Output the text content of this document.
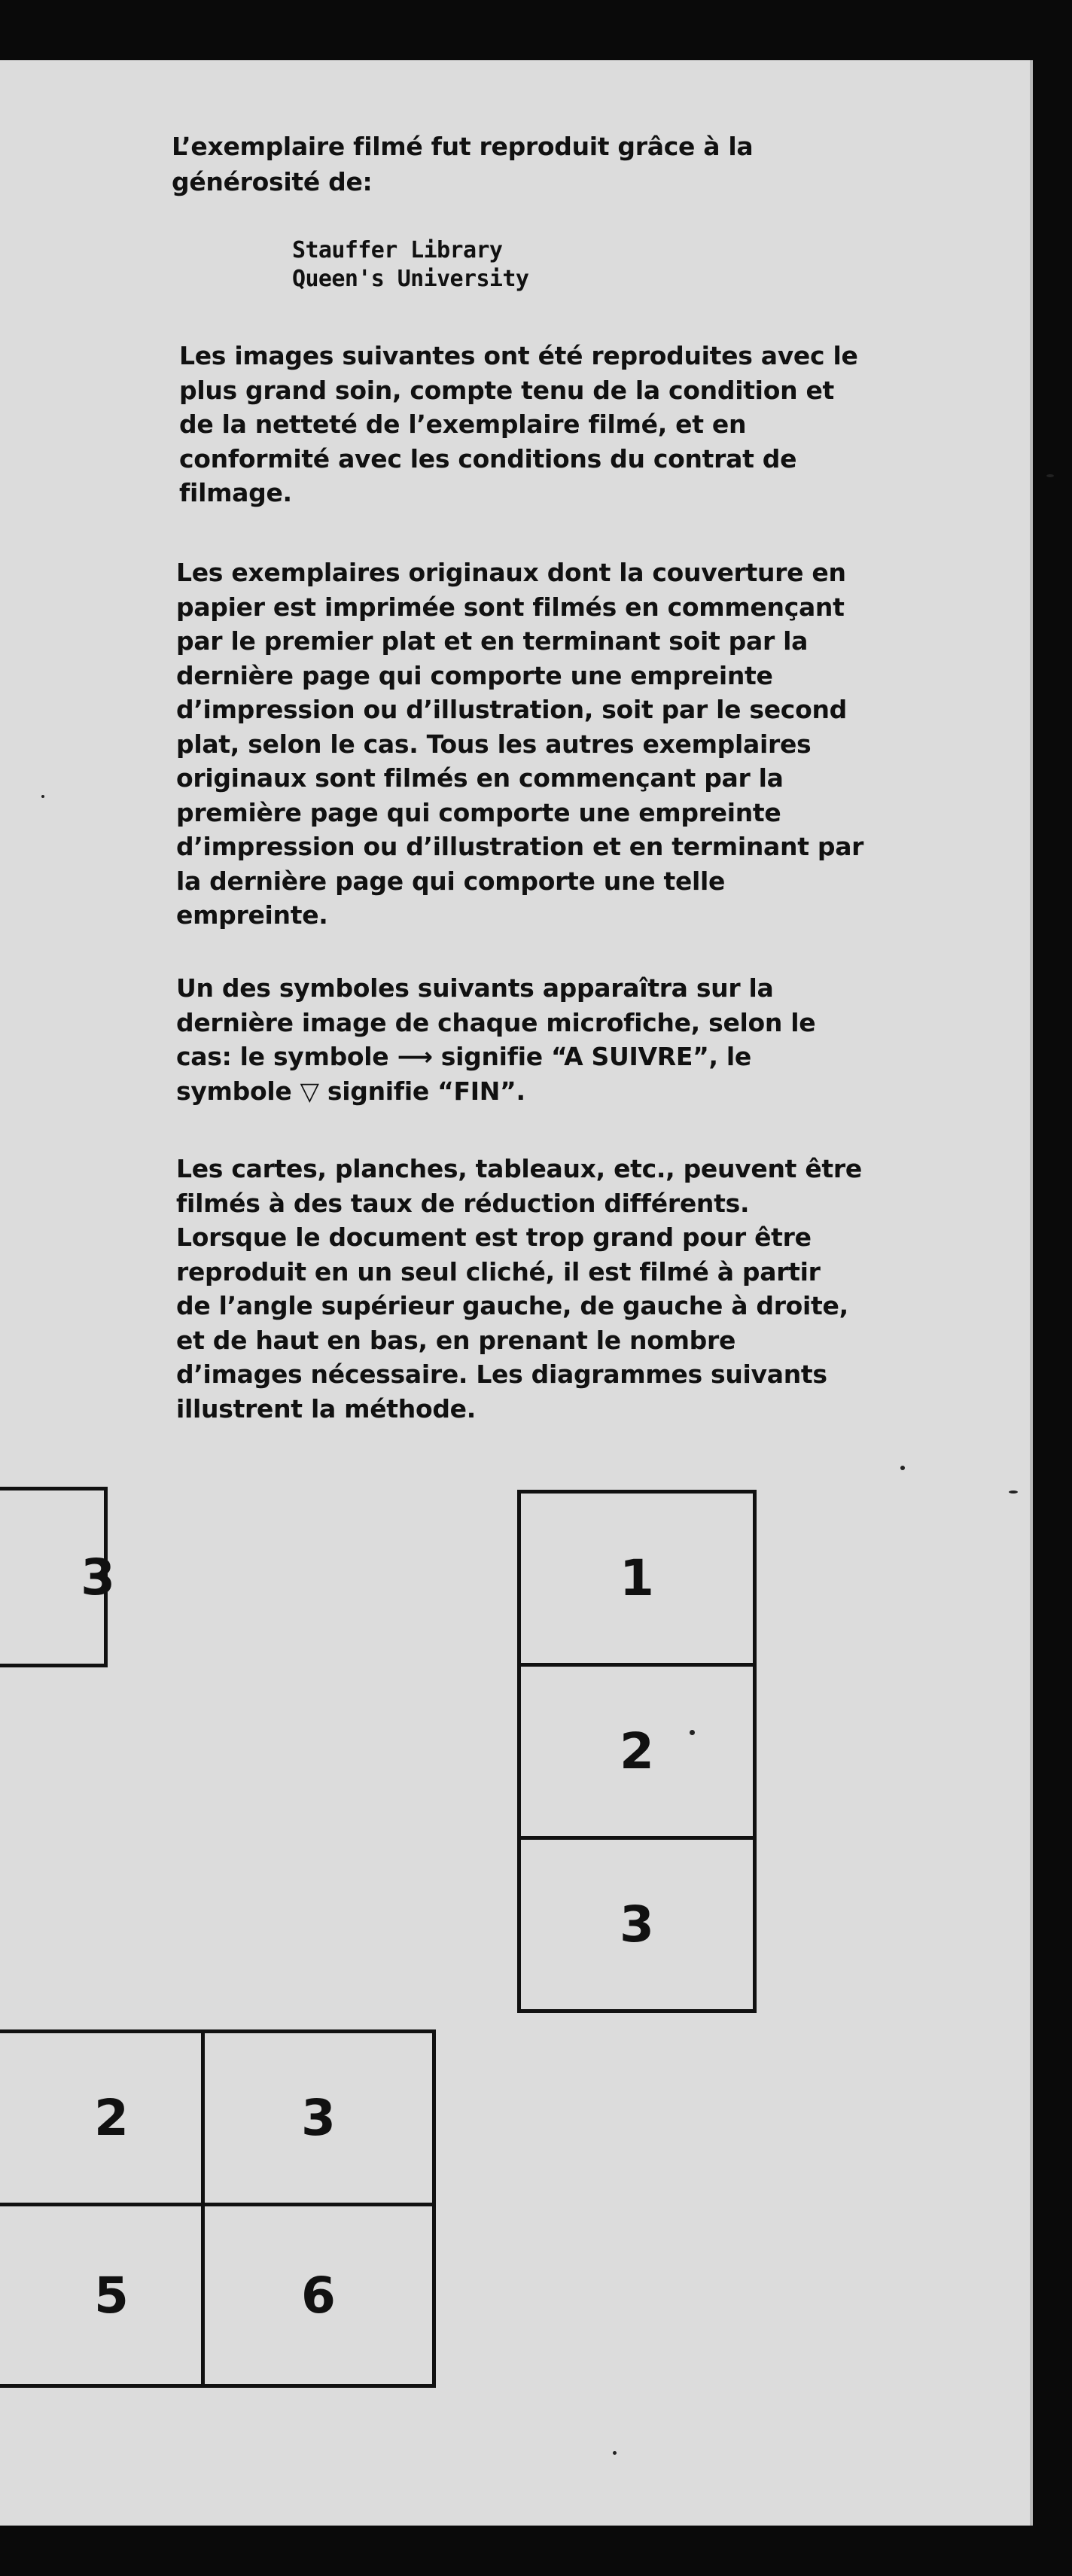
L’exemplaire filmé fut reproduit grâce à la
générosité de:
Stauffer Library
Queen's University
Les images suivantes ont été reproduites avec le
plus grand soin, compte tenu de la condition et
de la netteté de l’exemplaire filmé, et en
conformité avec les conditions du contrat de
filmage.
Les exemplaires originaux dont la couverture en
papier est imprimée sont filmés en commençant
par le premier plat et en terminant soit par la
dernière page qui comporte une empreinte
d’impression ou d’illustration, soit par le second
plat, selon le cas. Tous les autres exemplaires
originaux sont filmés en commençant par la
première page qui comporte une empreinte
d’impression ou d’illustration et en terminant par
la dernière page qui comporte une telle
empreinte.
Un des symboles suivants apparaîtra sur la
dernière image de chaque microfiche, selon le
cas: le symbole ⟶ signifie “A SUIVRE”, le
symbole ▽ signifie “FIN”.
Les cartes, planches, tableaux, etc., peuvent être
filmés à des taux de réduction différents.
Lorsque le document est trop grand pour être
reproduit en un seul cliché, il est filmé à partir
de l’angle supérieur gauche, de gauche à droite,
et de haut en bas, en prenant le nombre
d’images nécessaire. Les diagrammes suivants
illustrent la méthode.
3	1
2
3
2	3
5	6
